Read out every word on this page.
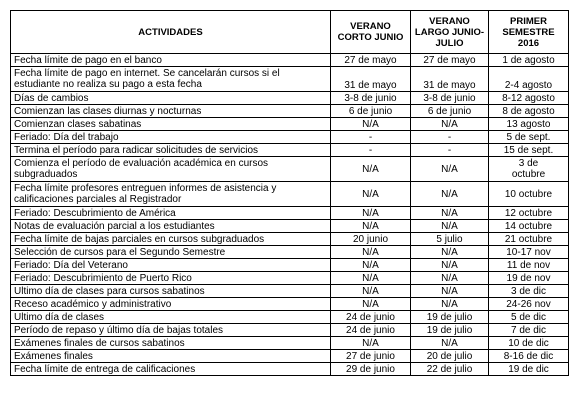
ACTIVIDADES	VERANO CORTO JUNIO	VERANO LARGO JUNIO-JULIO	PRIMER SEMESTRE 2016
Fecha límite de pago en el banco	27 de mayo	27 de mayo	1 de agosto
Fecha límite de pago en internet. Se cancelarán cursos si el estudiante no realiza su pago a esta fecha	31 de mayo	31 de mayo	2-4 agosto
Días de cambios	3-8 de junio	3-8 de junio	8-12 agosto
Comienzan las clases diurnas y nocturnas	6 de junio	6 de junio	8 de agosto
Comienzan clases sabatinas	N/A	N/A	13 agosto
Feriado: Día del trabajo	-	-	5 de sept.
Termina el período para radicar solicitudes de servicios	-	-	15 de sept.
Comienza el período de evaluación académica en cursos subgraduados	N/A	N/A	3 de octubre
Fecha límite profesores entreguen informes de asistencia y calificaciones parciales al Registrador	N/A	N/A	10 octubre
Feriado: Descubrimiento de América	N/A	N/A	12 octubre
Notas de evaluación parcial a los estudiantes	N/A	N/A	14 octubre
Fecha límite de bajas parciales en cursos subgraduados	20 junio	5 julio	21 octubre
Selección de cursos para el Segundo Semestre	N/A	N/A	10-17 nov
Feriado: Día del Veterano	N/A	N/A	11 de nov
Feriado: Descubrimiento de Puerto Rico	N/A	N/A	19 de nov
Ultimo día de clases para cursos sabatinos	N/A	N/A	3 de dic
Receso académico y administrativo	N/A	N/A	24-26 nov
Ultimo día de clases	24 de junio	19 de julio	5 de dic
Período de repaso y último día de bajas totales	24 de junio	19 de julio	7 de dic
Exámenes finales de cursos sabatinos	N/A	N/A	10 de dic
Exámenes finales	27 de junio	20 de julio	8-16 de dic
Fecha límite de entrega de calificaciones	29 de junio	22 de julio	19 de dic
